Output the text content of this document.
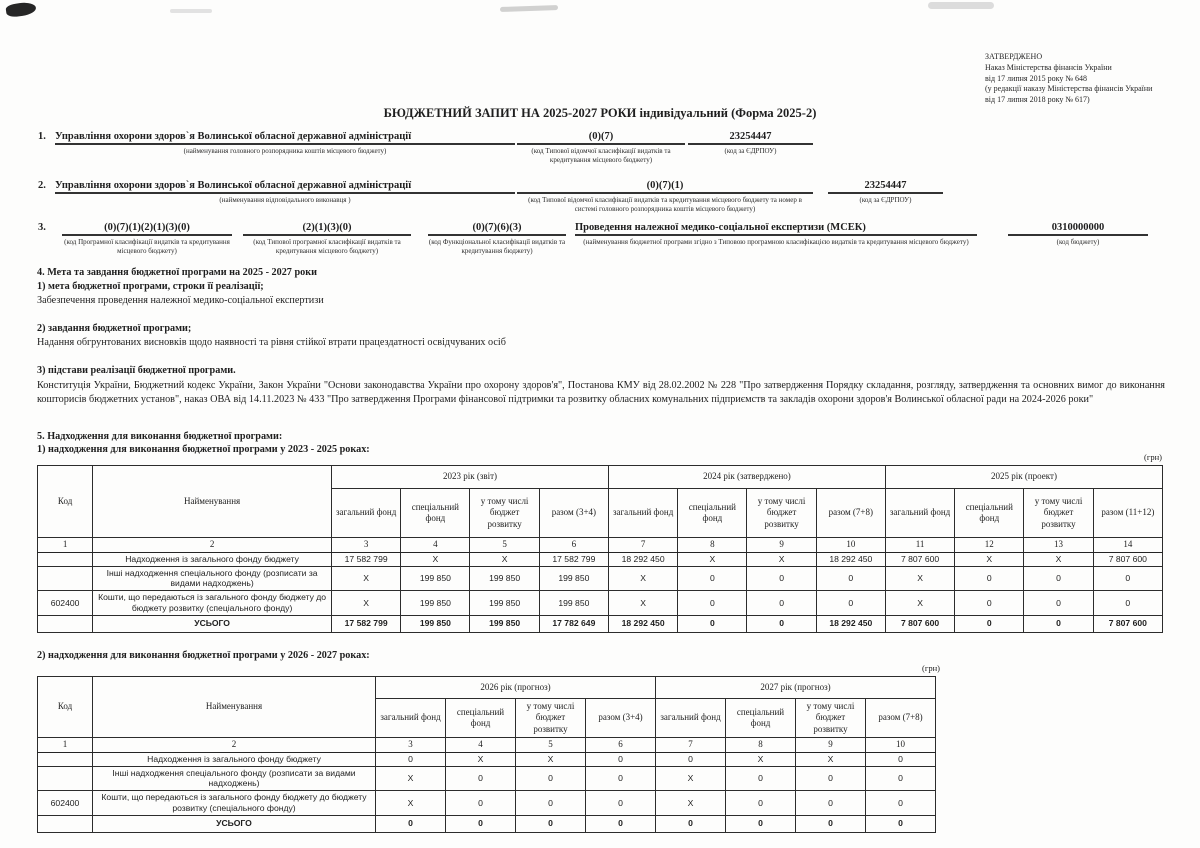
ЗАТВЕРДЖЕНО
Наказ Міністерства фінансів України
від 17 липня 2015 року № 648
(у редакції наказу Міністерства фінансів України
від 17 липня 2018 року № 617)
БЮДЖЕТНИЙ ЗАПИТ НА 2025-2027 РОКИ індивідуальний (Форма 2025-2)
1. Управління охорони здоров`я Волинської обласної державної адміністрації
(найменування головного розпорядника коштів місцевого бюджету)
(0)(7)
(код Типової відомчої класифікації видатків та кредитування місцевого бюджету)
23254447
(код за ЄДРПОУ)
2. Управління охорони здоров`я Волинської обласної державної адміністрації
(найменування відповідального виконавця )
(0)(7)(1)
(код Типової відомчої класифікації видатків та кредитування місцевого бюджету та номер в системі головного розпорядника коштів місцевого бюджету)
23254447
(код за ЄДРПОУ)
3.	(0)(7)(1)(2)(1)(3)(0)
(код Програмної класифікації видатків та кредитування місцевого бюджету)
(2)(1)(3)(0)
(код Типової програмної класифікації видатків та кредитування місцевого бюджету)
(0)(7)(6)(3)
(код Функціональної класифікації видатків та кредитування бюджету)
Проведення належної медико-соціальної експертизи (МСЕК)
(найменування бюджетної програми згідно з Типовою програмною класифікацією видатків та кредитування місцевого бюджету)
0310000000
(код бюджету)
4. Мета та завдання бюджетної програми на 2025 - 2027 роки
1) мета бюджетної програми, строки її реалізації;
Забезпечення проведення належної медико-соціальної експертизи
2) завдання бюджетної програми;
Надання обгрунтованих висновків щодо наявності та рівня стійкої втрати працездатності освідчуваних осіб
3) підстави реалізації бюджетної програми.
Конституція України, Бюджетний кодекс України, Закон України "Основи законодавства України про охорону здоров'я", Постанова КМУ від 28.02.2002 № 228 "Про затвердження Порядку складання, розгляду, затвердження та основних вимог до виконання кошторисів бюджетних установ", наказ ОВА від 14.11.2023 № 433 "Про затвердження Програми фінансової підтримки та розвитку обласних комунальних підприємств та закладів охорони здоров'я Волинської обласної ради на 2024-2026 роки"
5. Надходження для виконання бюджетної програми:
1) надходження для виконання бюджетної програми у 2023 - 2025 роках:
(грн)
Код	Найменування	2023 рік (звіт)				2024 рік (затверджено)				2025 рік (проект)			
		загальний фонд	спеціальний фонд	у тому числі бюджет розвитку	разом (3+4)	загальний фонд	спеціальний фонд	у тому числі бюджет розвитку	разом (7+8)	загальний фонд	спеціальний фонд	у тому числі бюджет розвитку	разом (11+12)
1	2	3	4	5	6	7	8	9	10	11	12	13	14
	Надходження із загального фонду бюджету	17 582 799	X	X	17 582 799	18 292 450	X	X	18 292 450	7 807 600	X	X	7 807 600
	Інші надходження спеціального фонду (розписати за видами надходжень)	X	199 850	199 850	199 850	X	0	0	0	X	0	0	0
602400	Кошти, що передаються із загального фонду бюджету до бюджету розвитку (спеціального фонду)	X	199 850	199 850	199 850	X	0	0	0	X	0	0	0
	УСЬОГО	17 582 799	199 850	199 850	17 782 649	18 292 450	0	0	18 292 450	7 807 600	0	0	7 807 600
2) надходження для виконання бюджетної програми у 2026 - 2027 роках:
(грн)
Код	Найменування	2026 рік (прогноз)				2027 рік (прогноз)			
		загальний фонд	спеціальний фонд	у тому числі бюджет розвитку	разом (3+4)	загальний фонд	спеціальний фонд	у тому числі бюджет розвитку	разом (7+8)
1	2	3	4	5	6	7	8	9	10
	Надходження із загального фонду бюджету	0	X	X	0	0	X	X	0
	Інші надходження спеціального фонду (розписати за видами надходжень)	X	0	0	0	X	0	0	0
602400	Кошти, що передаються із загального фонду бюджету до бюджету розвитку (спеціального фонду)	X	0	0	0	X	0	0	0
	УСЬОГО	0	0	0	0	0	0	0	0
